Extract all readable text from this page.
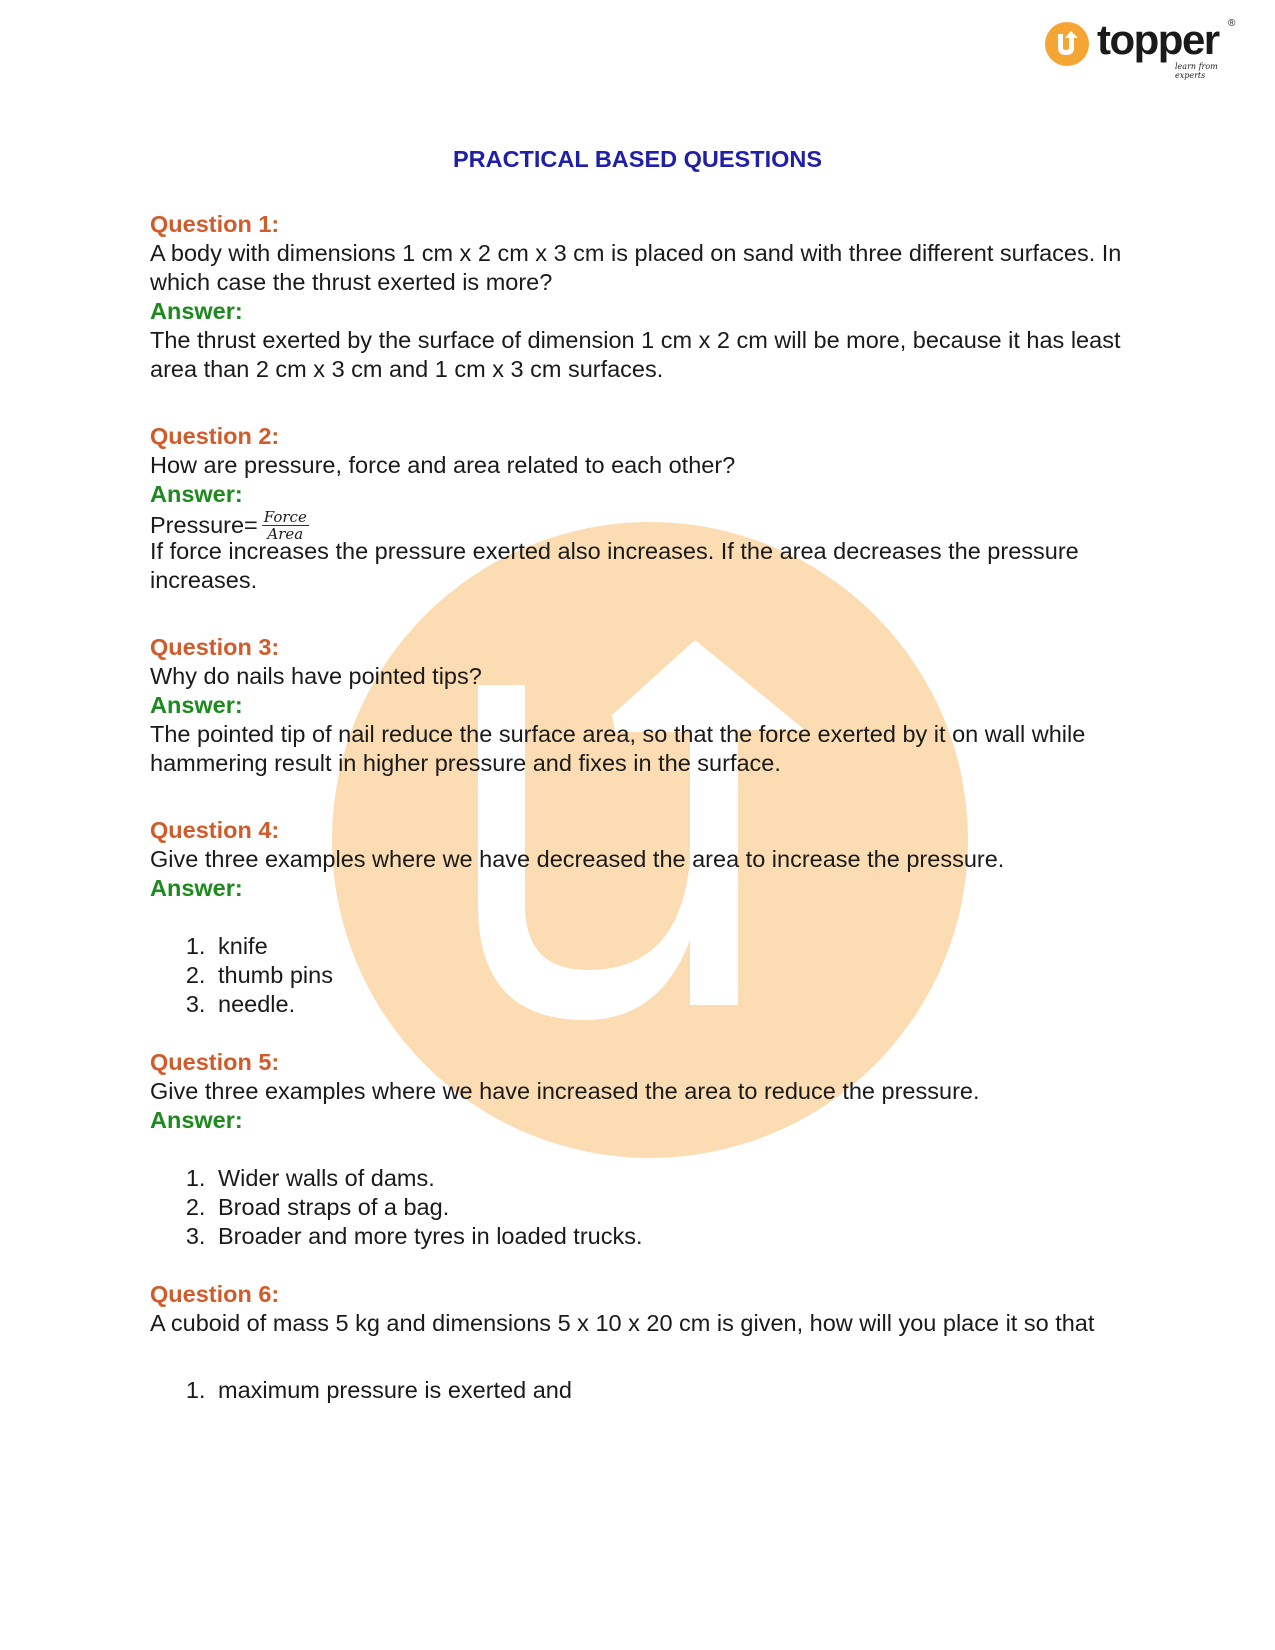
topper ®
learn from experts
PRACTICAL BASED QUESTIONS
Question 1:
A body with dimensions 1 cm x 2 cm x 3 cm is placed on sand with three different surfaces. In which case the thrust exerted is more?
Answer:
The thrust exerted by the surface of dimension 1 cm x 2 cm will be more, because it has least area than 2 cm x 3 cm and 1 cm x 3 cm surfaces.
Question 2:
How are pressure, force and area related to each other?
Answer:
Pressure= $\frac{\text{Force}}{\text{Area}}$
If force increases the pressure exerted also increases. If the area decreases the pressure increases.
Question 3:
Why do nails have pointed tips?
Answer:
The pointed tip of nail reduce the surface area, so that the force exerted by it on wall while hammering result in higher pressure and fixes in the surface.
Question 4:
Give three examples where we have decreased the area to increase the pressure.
Answer:
1. knife
2. thumb pins
3. needle.
Question 5:
Give three examples where we have increased the area to reduce the pressure.
Answer:
1. Wider walls of dams.
2. Broad straps of a bag.
3. Broader and more tyres in loaded trucks.
Question 6:
A cuboid of mass 5 kg and dimensions 5 x 10 x 20 cm is given, how will you place it so that
1. maximum pressure is exerted and
